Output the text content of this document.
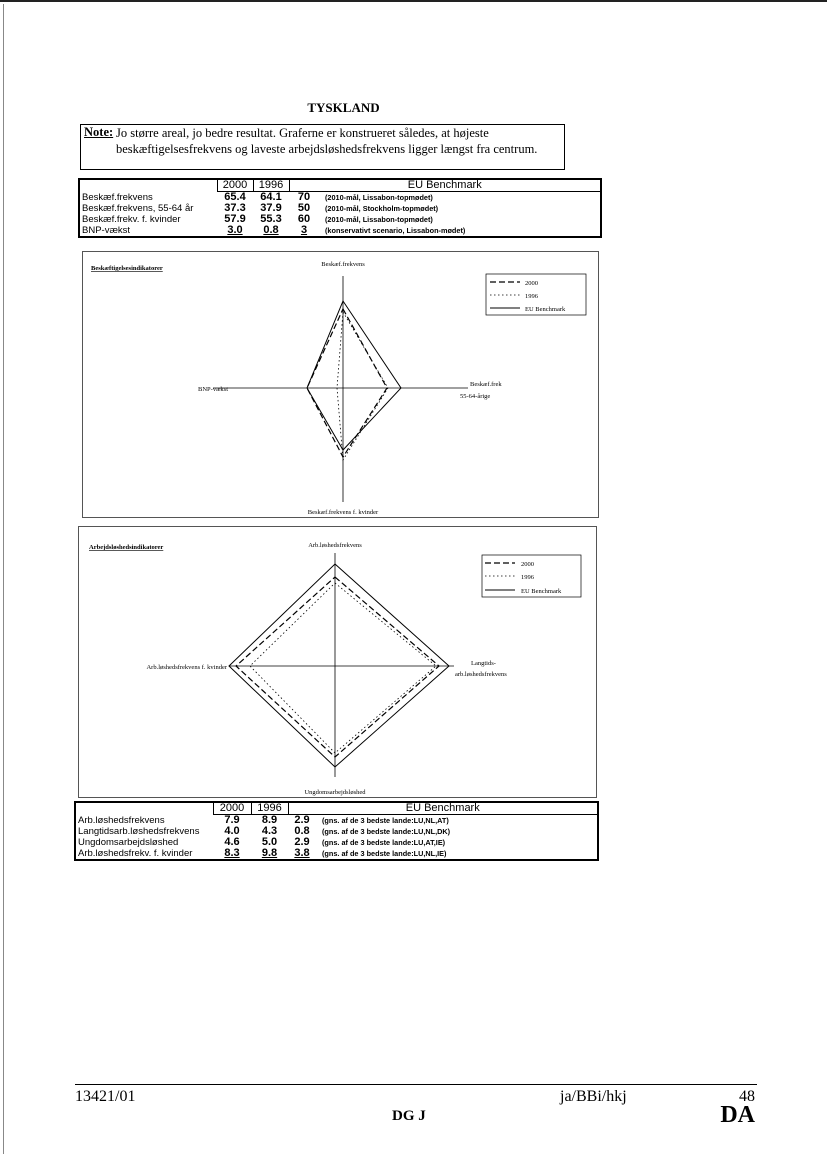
TYSKLAND
Note: Jo større areal, jo bedre resultat. Graferne er konstrueret således, at højeste beskæftigelsesfrekvens og laveste arbejdsløshedsfrekvens ligger længst fra centrum.

	2000	1996	EU Benchmark	
Beskæf.frekvens	65.4	64.1	70	(2010-mål, Lissabon-topmødet)
Beskæf.frekvens, 55-64 år	37.3	37.9	50	(2010-mål, Stockholm-topmødet)
Beskæf.frekv. f. kvinder	57.9	55.3	60	(2010-mål, Lissabon-topmødet)
BNP-vækst	3.0	0.8	3	(konservativt scenario, Lissabon-mødet)
Beskæftigelsesindikatorer
Beskæf.frekvens
BNP-vækst
Beskæf.frek
55-64-årige
Beskæf.frekvens f. kvinder
2000
1996
EU Benchmark
Arbejdsløshedsindikatorer	Arb.løshedsfrekvens
Arb.løshedsfrekvens f. kvinder
Langtids-
arb.løshedsfrekvens
Ungdomsarbejdsløshed
2000
1996
EU Benchmark
	2000	1996	EU Benchmark	
Arb.løshedsfrekvens	7.9	8.9	2.9	(gns. af de 3 bedste lande:LU,NL,AT)
Langtidsarb.løshedsfrekvens	4.0	4.3	0.8	(gns. af de 3 bedste lande:LU,NL,DK)
Ungdomsarbejdsløshed	4.6	5.0	2.9	(gns. af de 3 bedste lande:LU,AT,IE)
Arb.løshedsfrekv. f. kvinder	8.3	9.8	3.8	(gns. af de 3 bedste lande:LU,NL,IE)
13421/01	ja/BBi/hkj	48
DG J	DA
